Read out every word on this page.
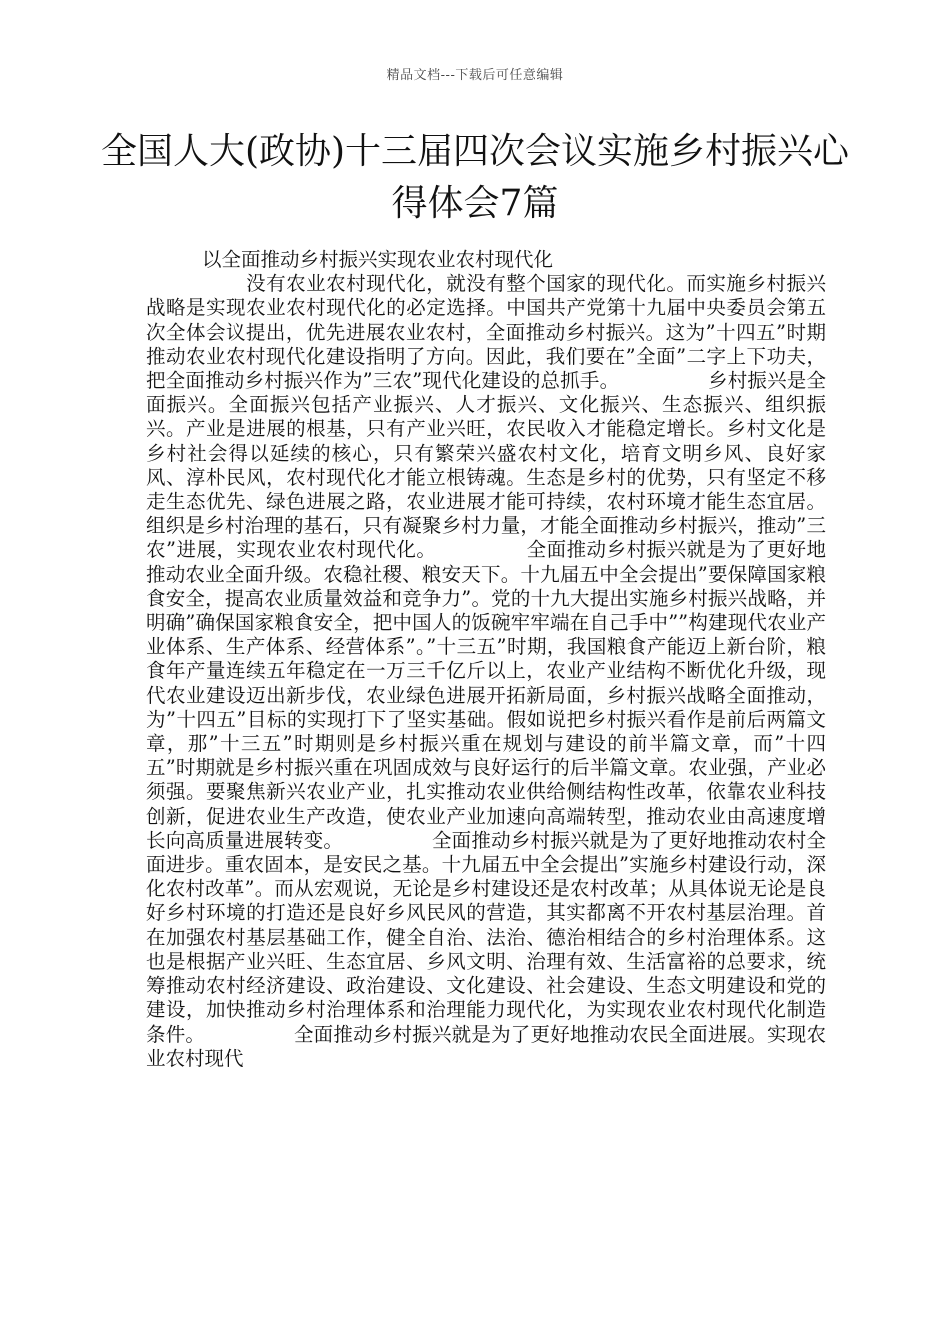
精品文档---下载后可任意编辑
全国人大(政协)十三届四次会议实施乡村振兴心得体会7篇

以全面推动乡村振兴实现农业农村现代化
　　　　　没有农业农村现代化，就没有整个国家的现代化。而实施乡村振兴战略是实现农业农村现代化的必定选择。中国共产党第十九届中央委员会第五次全体会议提出，优先进展农业农村，全面推动乡村振兴。这为”十四五”时期推动农业农村现代化建设指明了方向。因此，我们要在”全面”二字上下功夫，把全面推动乡村振兴作为”三农”现代化建设的总抓手。　　　　　乡村振兴是全面振兴。全面振兴包括产业振兴、人才振兴、文化振兴、生态振兴、组织振兴。产业是进展的根基，只有产业兴旺，农民收入才能稳定增长。乡村文化是乡村社会得以延续的核心，只有繁荣兴盛农村文化，培育文明乡风、良好家风、淳朴民风，农村现代化才能立根铸魂。生态是乡村的优势，只有坚定不移走生态优先、绿色进展之路，农业进展才能可持续，农村环境才能生态宜居。组织是乡村治理的基石，只有凝聚乡村力量，才能全面推动乡村振兴，推动”三农”进展，实现农业农村现代化。　　　　　全面推动乡村振兴就是为了更好地推动农业全面升级。农稳社稷、粮安天下。十九届五中全会提出”要保障国家粮食安全，提高农业质量效益和竞争力”。党的十九大提出实施乡村振兴战略，并明确”确保国家粮食安全，把中国人的饭碗牢牢端在自己手中””构建现代农业产业体系、生产体系、经营体系”。”十三五”时期，我国粮食产能迈上新台阶，粮食年产量连续五年稳定在一万三千亿斤以上，农业产业结构不断优化升级，现代农业建设迈出新步伐，农业绿色进展开拓新局面，乡村振兴战略全面推动，为”十四五”目标的实现打下了坚实基础。假如说把乡村振兴看作是前后两篇文章，那”十三五”时期则是乡村振兴重在规划与建设的前半篇文章，而”十四五”时期就是乡村振兴重在巩固成效与良好运行的后半篇文章。农业强，产业必须强。要聚焦新兴农业产业，扎实推动农业供给侧结构性改革，依靠农业科技创新，促进农业生产改造，使农业产业加速向高端转型，推动农业由高速度增长向高质量进展转变。　　　　　全面推动乡村振兴就是为了更好地推动农村全面进步。重农固本，是安民之基。十九届五中全会提出”实施乡村建设行动，深化农村改革”。而从宏观说，无论是乡村建设还是农村改革；从具体说无论是良好乡村环境的打造还是良好乡风民风的营造，其实都离不开农村基层治理。首在加强农村基层基础工作，健全自治、法治、德治相结合的乡村治理体系。这也是根据产业兴旺、生态宜居、乡风文明、治理有效、生活富裕的总要求，统筹推动农村经济建设、政治建设、文化建设、社会建设、生态文明建设和党的建设，加快推动乡村治理体系和治理能力现代化，为实现农业农村现代化制造条件。　　　　　全面推动乡村振兴就是为了更好地推动农民全面进展。实现农业农村现代
